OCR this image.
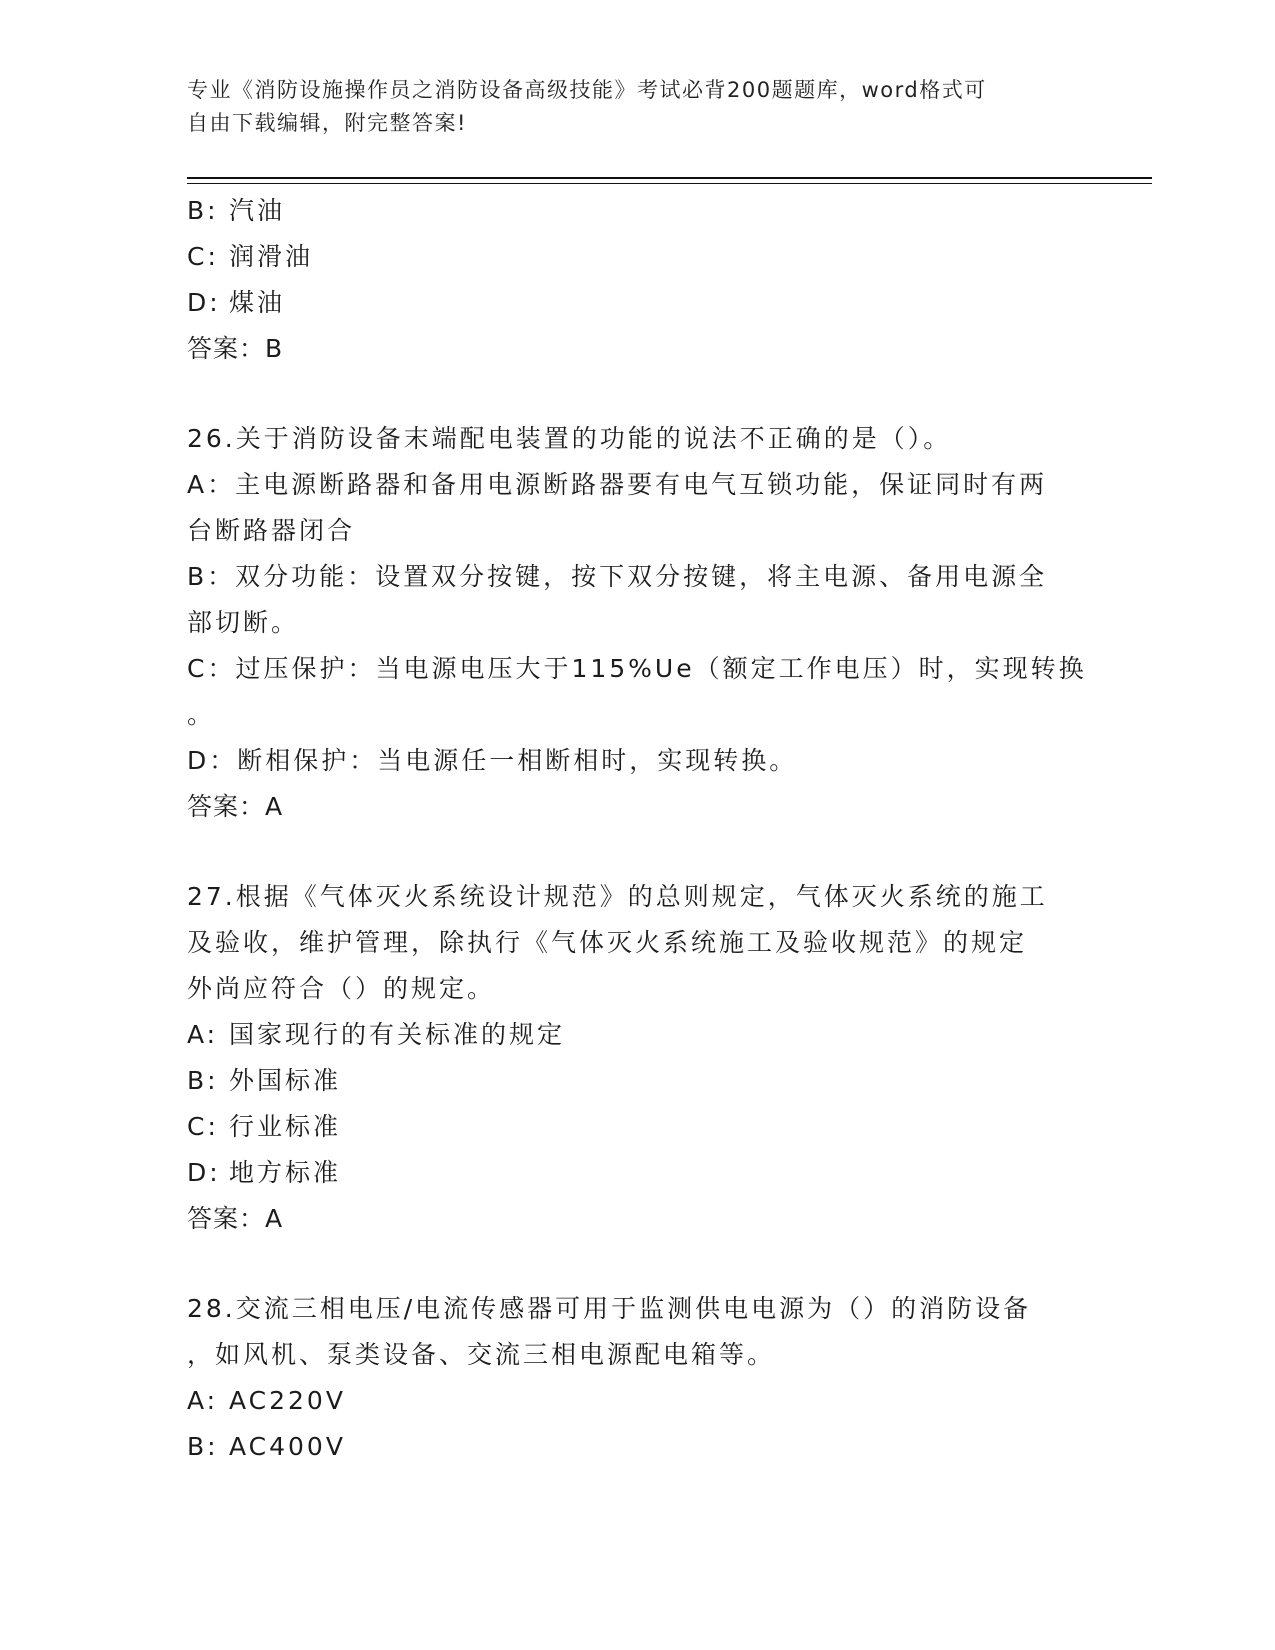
专业《消防设施操作员之消防设备高级技能》考试必背200题题库，word格式可
自由下载编辑，附完整答案!
B: 汽油
C: 润滑油
D: 煤油
答案：B
26.关于消防设备末端配电装置的功能的说法不正确的是（）。
A：主电源断路器和备用电源断路器要有电气互锁功能，保证同时有两
台断路器闭合
B：双分功能：设置双分按键，按下双分按键，将主电源、备用电源全
部切断。
C：过压保护：当电源电压大于115%Ue（额定工作电压）时，实现转换
。
D：断相保护：当电源任一相断相时，实现转换。
答案：A
27.根据《气体灭火系统设计规范》的总则规定，气体灭火系统的施工
及验收，维护管理，除执行《气体灭火系统施工及验收规范》的规定
外尚应符合（）的规定。
A: 国家现行的有关标准的规定
B: 外国标准
C: 行业标准
D: 地方标准
答案：A
28.交流三相电压/电流传感器可用于监测供电电源为（）的消防设备
，如风机、泵类设备、交流三相电源配电箱等。
A: AC220V
B: AC400V
